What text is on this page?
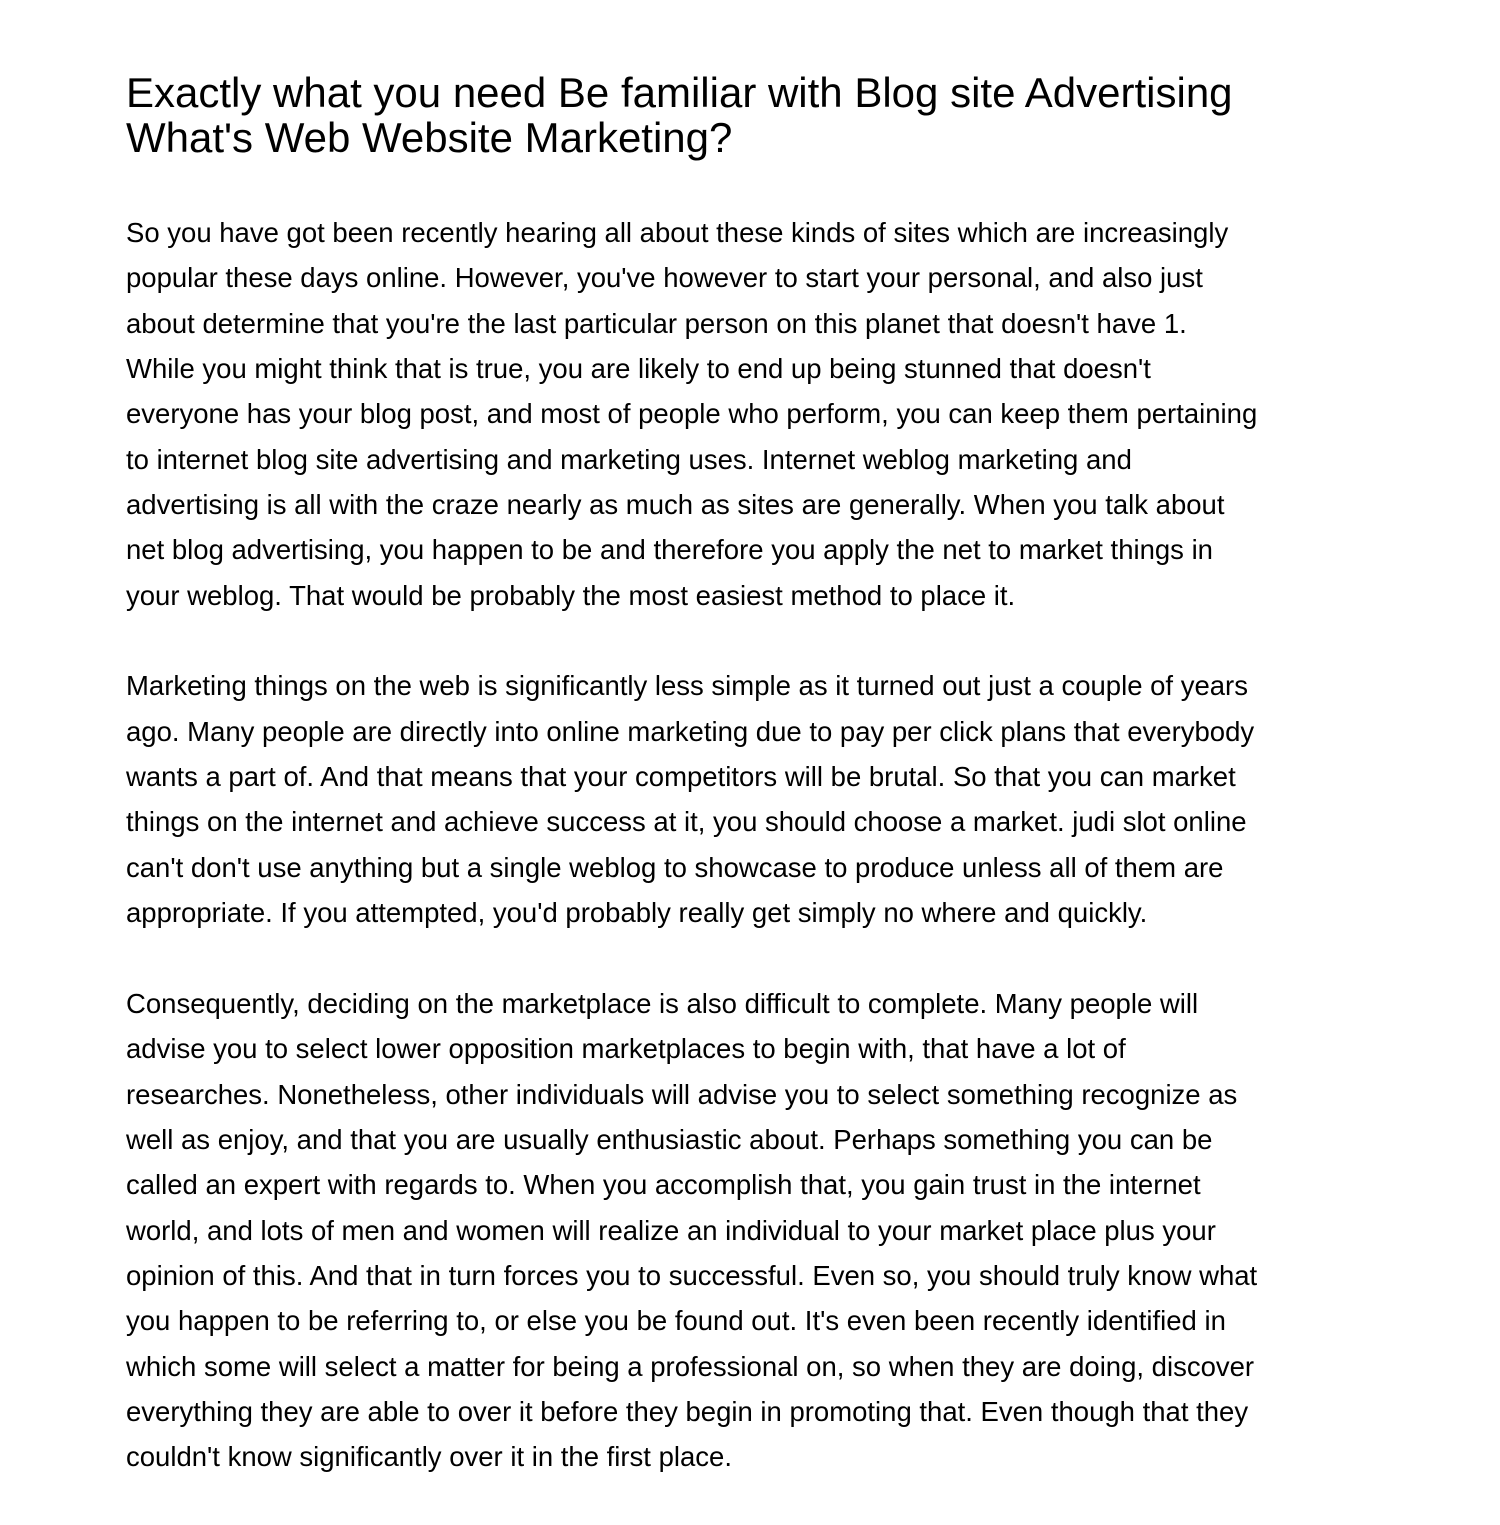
Exactly what you need Be familiar with Blog site Advertising
What's Web Website Marketing?

So you have got been recently hearing all about these kinds of sites which are increasingly
popular these days online. However, you've however to start your personal, and also just
about determine that you're the last particular person on this planet that doesn't have 1.
While you might think that is true, you are likely to end up being stunned that doesn't
everyone has your blog post, and most of people who perform, you can keep them pertaining
to internet blog site advertising and marketing uses. Internet weblog marketing and
advertising is all with the craze nearly as much as sites are generally. When you talk about
net blog advertising, you happen to be and therefore you apply the net to market things in
your weblog. That would be probably the most easiest method to place it.

Marketing things on the web is significantly less simple as it turned out just a couple of years
ago. Many people are directly into online marketing due to pay per click plans that everybody
wants a part of. And that means that your competitors will be brutal. So that you can market
things on the internet and achieve success at it, you should choose a market. judi slot online
can't don't use anything but a single weblog to showcase to produce unless all of them are
appropriate. If you attempted, you'd probably really get simply no where and quickly.

Consequently, deciding on the marketplace is also difficult to complete. Many people will
advise you to select lower opposition marketplaces to begin with, that have a lot of
researches. Nonetheless, other individuals will advise you to select something recognize as
well as enjoy, and that you are usually enthusiastic about. Perhaps something you can be
called an expert with regards to. When you accomplish that, you gain trust in the internet
world, and lots of men and women will realize an individual to your market place plus your
opinion of this. And that in turn forces you to successful. Even so, you should truly know what
you happen to be referring to, or else you be found out. It's even been recently identified in
which some will select a matter for being a professional on, so when they are doing, discover
everything they are able to over it before they begin in promoting that. Even though that they
couldn't know significantly over it in the first place.
